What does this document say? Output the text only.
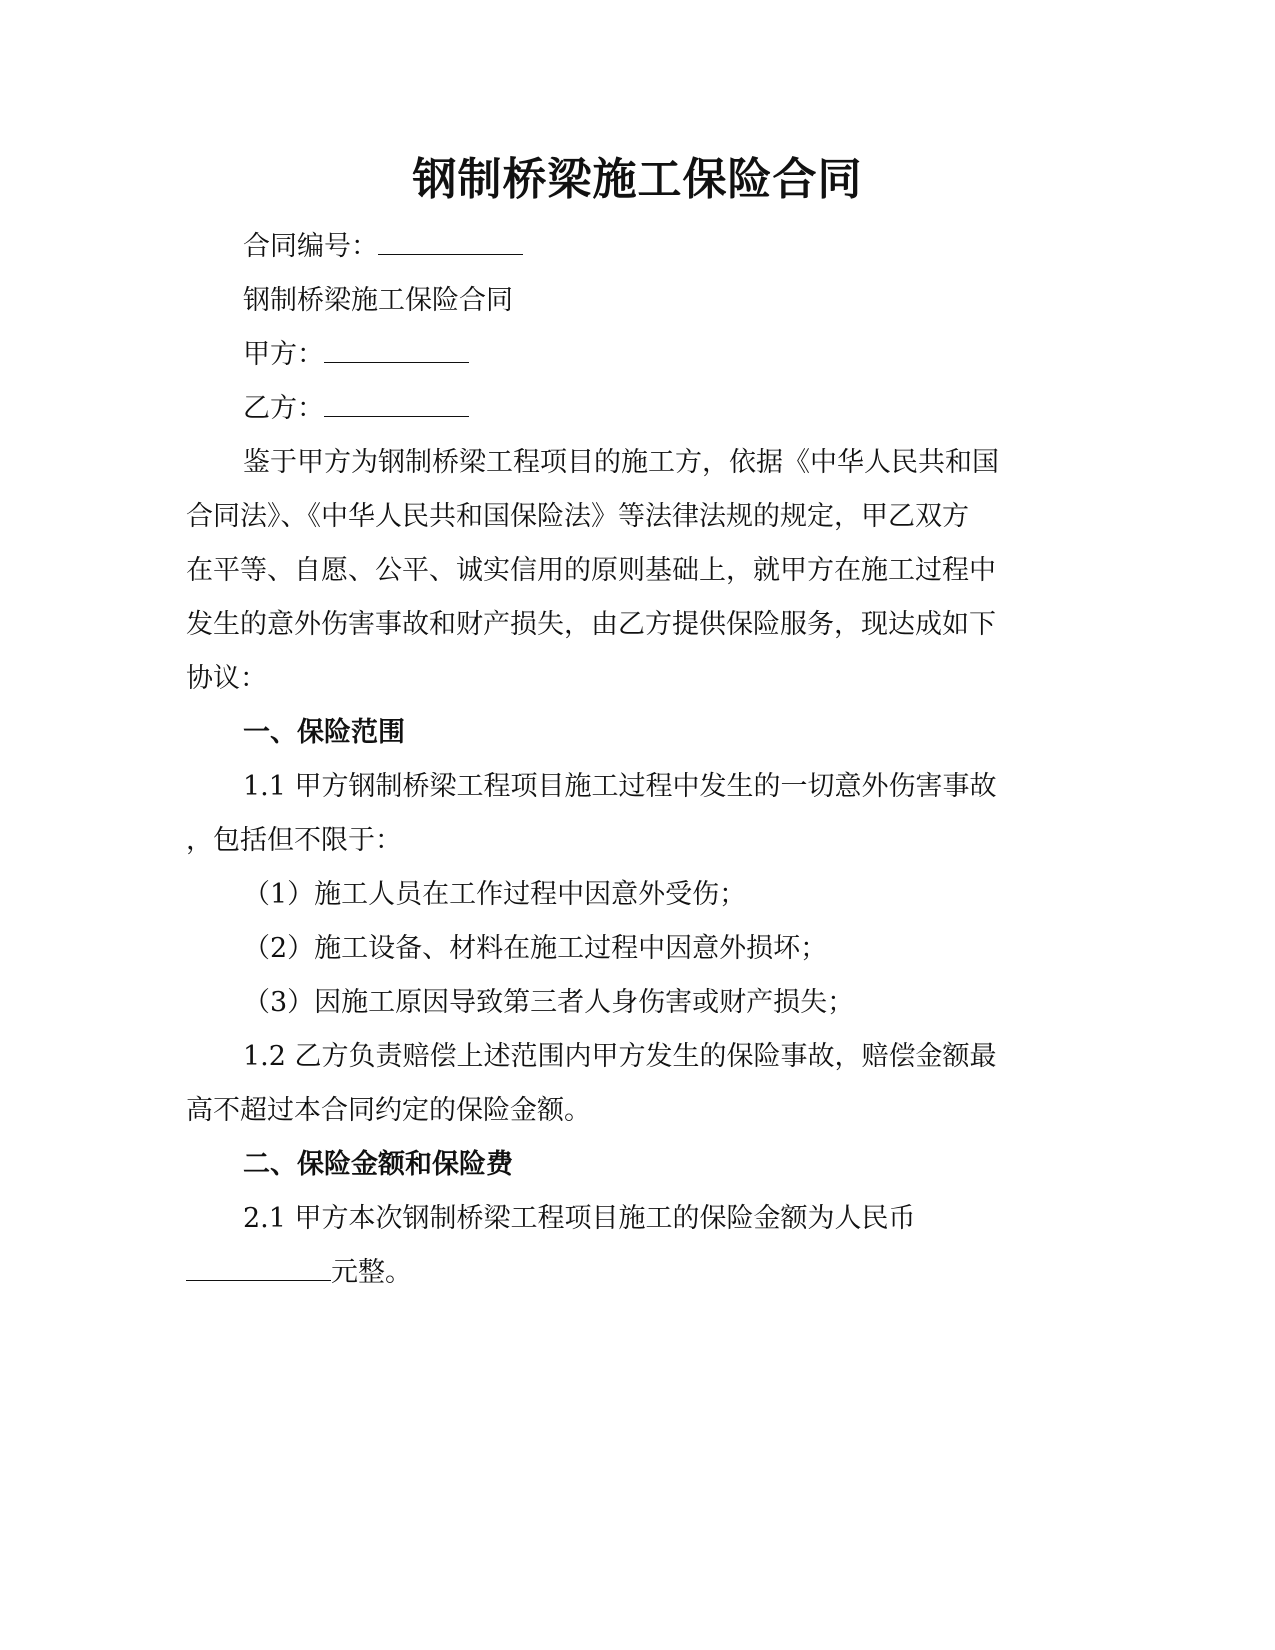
钢制桥梁施工保险合同
合同编号：
钢制桥梁施工保险合同
甲方：
乙方：
鉴于甲方为钢制桥梁工程项目的施工方，依据《中华人民共和国
合同法》、《中华人民共和国保险法》等法律法规的规定，甲乙双方
在平等、自愿、公平、诚实信用的原则基础上，就甲方在施工过程中
发生的意外伤害事故和财产损失，由乙方提供保险服务，现达成如下
协议：
一、保险范围
1.1 甲方钢制桥梁工程项目施工过程中发生的一切意外伤害事故
，包括但不限于：
（1）施工人员在工作过程中因意外受伤；
（2）施工设备、材料在施工过程中因意外损坏；
（3）因施工原因导致第三者人身伤害或财产损失；
1.2 乙方负责赔偿上述范围内甲方发生的保险事故，赔偿金额最
高不超过本合同约定的保险金额。
二、保险金额和保险费
2.1 甲方本次钢制桥梁工程项目施工的保险金额为人民币
元整。
